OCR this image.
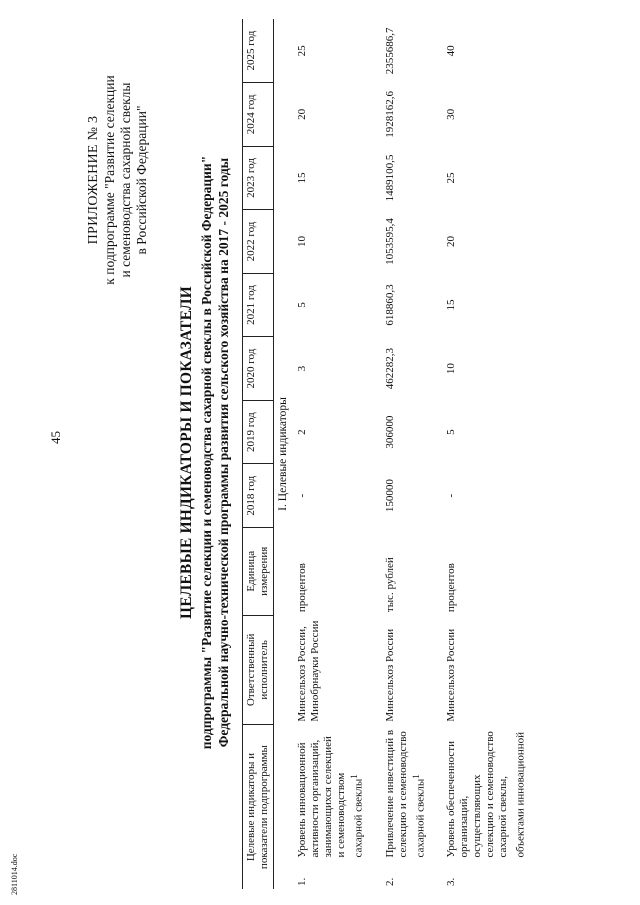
45
ПРИЛОЖЕНИЕ № 3 к подпрограмме "Развитие селекции и семеноводства сахарной свеклы в Российской Федерации"
ЦЕЛЕВЫЕ ИНДИКАТОРЫ И ПОКАЗАТЕЛИ подпрограммы "Развитие селекции и семеноводства сахарной свеклы в Российской Федерации" Федеральной научно-технической программы развития сельского хозяйства на 2017 - 2025 годы
Целевые индикаторы и показатели подпрограммы		Ответственный исполнитель	Единица измерения	2018 год	2019 год	2020 год	2021 год	2022 год	2023 год	2024 год	2025 год
I. Целевые индикаторы											
1.	Уровень инновационной активности организаций, занимающихся селекцией и семеноводством сахарной свеклы$^1$	Минсельхоз России, Минобрнауки России	процентов	-	2	3	5	10	15	20	25

2.	Привлечение инвестиций в селекцию и семеноводство сахарной свеклы$^1$	Минсельхоз России	тыс. рублей	150000	306000	462282,3	618860,3	1053595,4	1489100,5	1928162,6	2355686,7

3.	Уровень обеспеченности организаций, осуществляющих селекцию и семеноводство сахарной свеклы, объектами инновационной	Минсельхоз России	процентов	-	5	10	15	20	25	30	40
2811014.doc
